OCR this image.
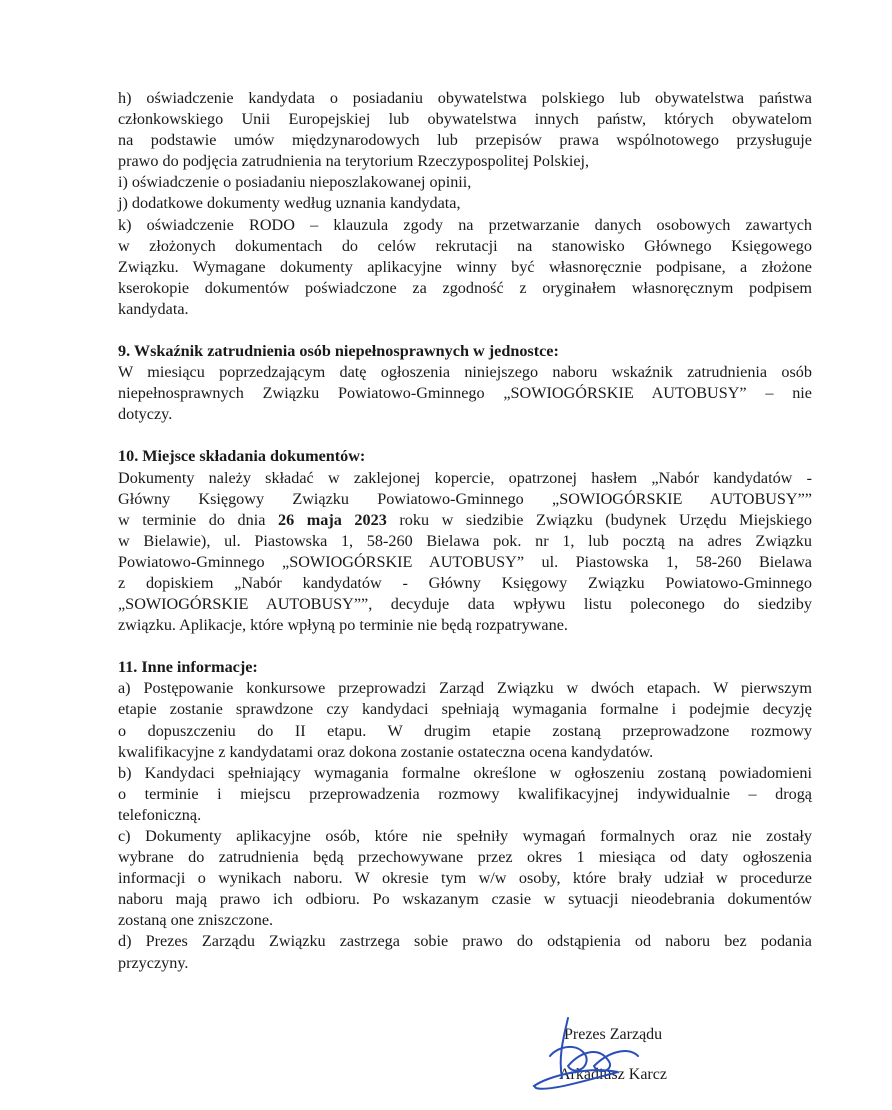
h) oświadczenie kandydata o posiadaniu obywatelstwa polskiego lub obywatelstwa państwa
członkowskiego Unii Europejskiej lub obywatelstwa innych państw, których obywatelom
na podstawie umów międzynarodowych lub przepisów prawa wspólnotowego przysługuje
prawo do podjęcia zatrudnienia na terytorium Rzeczypospolitej Polskiej,
i) oświadczenie o posiadaniu nieposzlakowanej opinii,
j) dodatkowe dokumenty według uznania kandydata,
k) oświadczenie RODO – klauzula zgody na przetwarzanie danych osobowych zawartych
w złożonych dokumentach do celów rekrutacji na stanowisko Głównego Księgowego
Związku. Wymagane dokumenty aplikacyjne winny być własnoręcznie podpisane, a złożone
kserokopie dokumentów poświadczone za zgodność z oryginałem własnoręcznym podpisem
kandydata.
9. Wskaźnik zatrudnienia osób niepełnosprawnych w jednostce:
W miesiącu poprzedzającym datę ogłoszenia niniejszego naboru wskaźnik zatrudnienia osób
niepełnosprawnych Związku Powiatowo-Gminnego „SOWIOGÓRSKIE AUTOBUSY” – nie
dotyczy.
10. Miejsce składania dokumentów:
Dokumenty należy składać w zaklejonej kopercie, opatrzonej hasłem „Nabór kandydatów -
Główny Księgowy Związku Powiatowo-Gminnego „SOWIOGÓRSKIE AUTOBUSY””
w terminie do dnia 26 maja 2023 roku w siedzibie Związku (budynek Urzędu Miejskiego
w Bielawie), ul. Piastowska 1, 58-260 Bielawa pok. nr 1, lub pocztą na adres Związku
Powiatowo-Gminnego „SOWIOGÓRSKIE AUTOBUSY” ul. Piastowska 1, 58-260 Bielawa
z dopiskiem „Nabór kandydatów - Główny Księgowy Związku Powiatowo-Gminnego
„SOWIOGÓRSKIE AUTOBUSY””, decyduje data wpływu listu poleconego do siedziby
związku. Aplikacje, które wpłyną po terminie nie będą rozpatrywane.
11. Inne informacje:
a) Postępowanie konkursowe przeprowadzi Zarząd Związku w dwóch etapach. W pierwszym
etapie zostanie sprawdzone czy kandydaci spełniają wymagania formalne i podejmie decyzję
o dopuszczeniu do II etapu. W drugim etapie zostaną przeprowadzone rozmowy
kwalifikacyjne z kandydatami oraz dokona zostanie ostateczna ocena kandydatów.
b) Kandydaci spełniający wymagania formalne określone w ogłoszeniu zostaną powiadomieni
o terminie i miejscu przeprowadzenia rozmowy kwalifikacyjnej indywidualnie – drogą
telefoniczną.
c) Dokumenty aplikacyjne osób, które nie spełniły wymagań formalnych oraz nie zostały
wybrane do zatrudnienia będą przechowywane przez okres 1 miesiąca od daty ogłoszenia
informacji o wynikach naboru. W okresie tym w/w osoby, które brały udział w procedurze
naboru mają prawo ich odbioru. Po wskazanym czasie w sytuacji nieodebrania dokumentów
zostaną one zniszczone.
d) Prezes Zarządu Związku zastrzega sobie prawo do odstąpienia od naboru bez podania
przyczyny.
Prezes Zarządu
Arkadiusz Karcz
